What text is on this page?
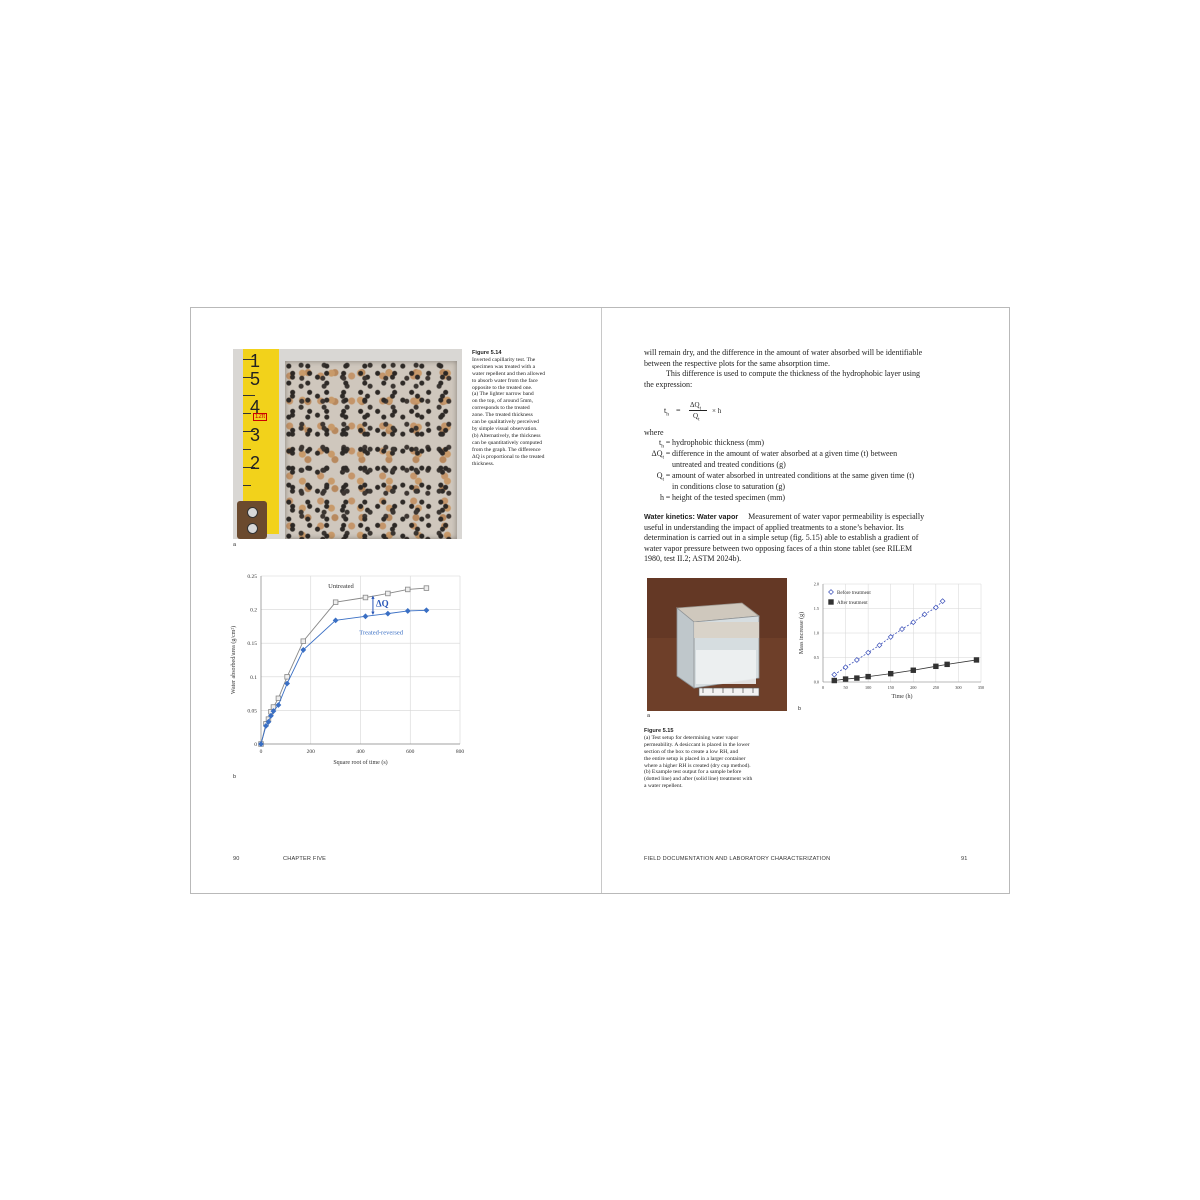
1
5
4
3
2
12ft
a
Figure 5.14
Inverted capillarity test. The
specimen was treated with a
water repellent and then allowed
to absorb water from the face
opposite to the treated one.
(a) The lighter narrow band
on the top, of around 5mm,
corresponds to the treated
zone. The treated thickness
can be qualitatively perceived
by simple visual observation.
(b) Alternatively, the thickness
can be quantitatively computed
from the graph. The difference
ΔQ is proportional to the treated
thickness.
0
0.05
0.1
0.15
0.2
0.25
0	200	400	600	800
Square root of time (s)
Water absorbed/area (g/cm²)
Untreated
Treated-reversed
ΔQ
b
90	CHAPTER FIVE
will remain dry, and the difference in the amount of water absorbed will be identifiable
between the respective plots for the same absorption time.
This difference is used to compute the thickness of the hydrophobic layer using
the expression:
$t_h$ =
$\Delta Q_t$
$Q_t$
× h
where
$t_h$ = hydrophobic thickness (mm)
$\Delta Q_t$ = difference in the amount of water absorbed at a given time (t) between
untreated and treated conditions (g)
$Q_t$ = amount of water absorbed in untreated conditions at the same given time (t)
in conditions close to saturation (g)
h = height of the tested specimen (mm)
Water kinetics: Water vapor Measurement of water vapor permeability is especially
useful in understanding the impact of applied treatments to a stone’s behavior. Its
determination is carried out in a simple setup (fig. 5.15) able to establish a gradient of
water vapor pressure between two opposing faces of a thin stone tablet (see RILEM
1980, test II.2; ASTM 2024b).
a
0.0
0.5
1.0
1.5
2.0
0	50	100	150	200	250	300	350
Time (h)
Mass increase (g)
Before treatment
After treatment
b
Figure 5.15
(a) Test setup for determining water vapor
permeability. A desiccant is placed in the lower
section of the box to create a low RH, and
the entire setup is placed in a larger container
where a higher RH is created (dry cup method).
(b) Example test output for a sample before
(dotted line) and after (solid line) treatment with
a water repellent.
FIELD DOCUMENTATION AND LABORATORY CHARACTERIZATION	91
